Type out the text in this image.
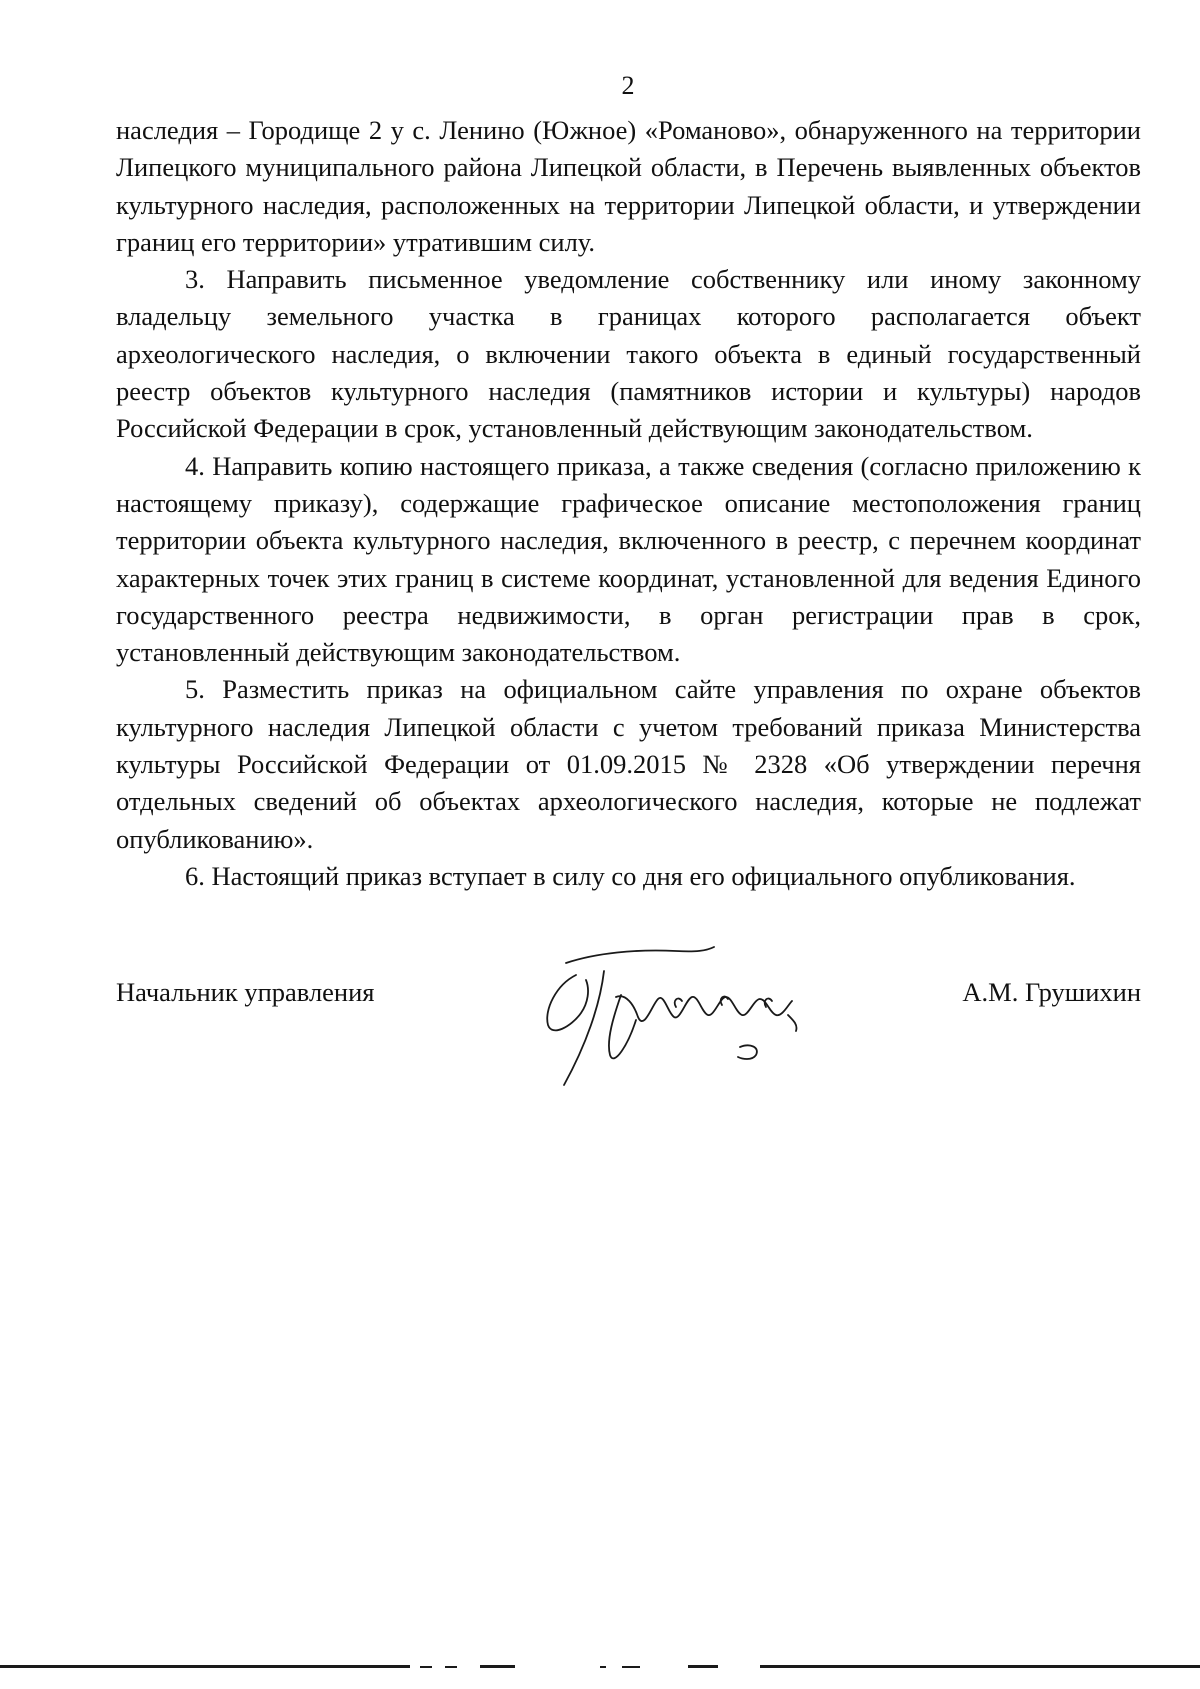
2

наследия – Городище 2 у с. Ленино (Южное) «Романово», обнаруженного на территории Липецкого муниципального района Липецкой области, в Перечень выявленных объектов культурного наследия, расположенных на территории Липецкой области, и утверждении границ его территории» утратившим силу.

3. Направить письменное уведомление собственнику или иному законному владельцу земельного участка в границах которого располагается объект археологического наследия, о включении такого объекта в единый государственный реестр объектов культурного наследия (памятников истории и культуры) народов Российской Федерации в срок, установленный действующим законодательством.

4. Направить копию настоящего приказа, а также сведения (согласно приложению к настоящему приказу), содержащие графическое описание местоположения границ территории объекта культурного наследия, включенного в реестр, с перечнем координат характерных точек этих границ в системе координат, установленной для ведения Единого государственного реестра недвижимости, в орган регистрации прав в срок, установленный действующим законодательством.

5. Разместить приказ на официальном сайте управления по охране объектов культурного наследия Липецкой области с учетом требований приказа Министерства культуры Российской Федерации от 01.09.2015 № 2328 «Об утверждении перечня отдельных сведений об объектах археологического наследия, которые не подлежат опубликованию».

6. Настоящий приказ вступает в силу со дня его официального опубликования.

Начальник управления	А.М. Грушихин
